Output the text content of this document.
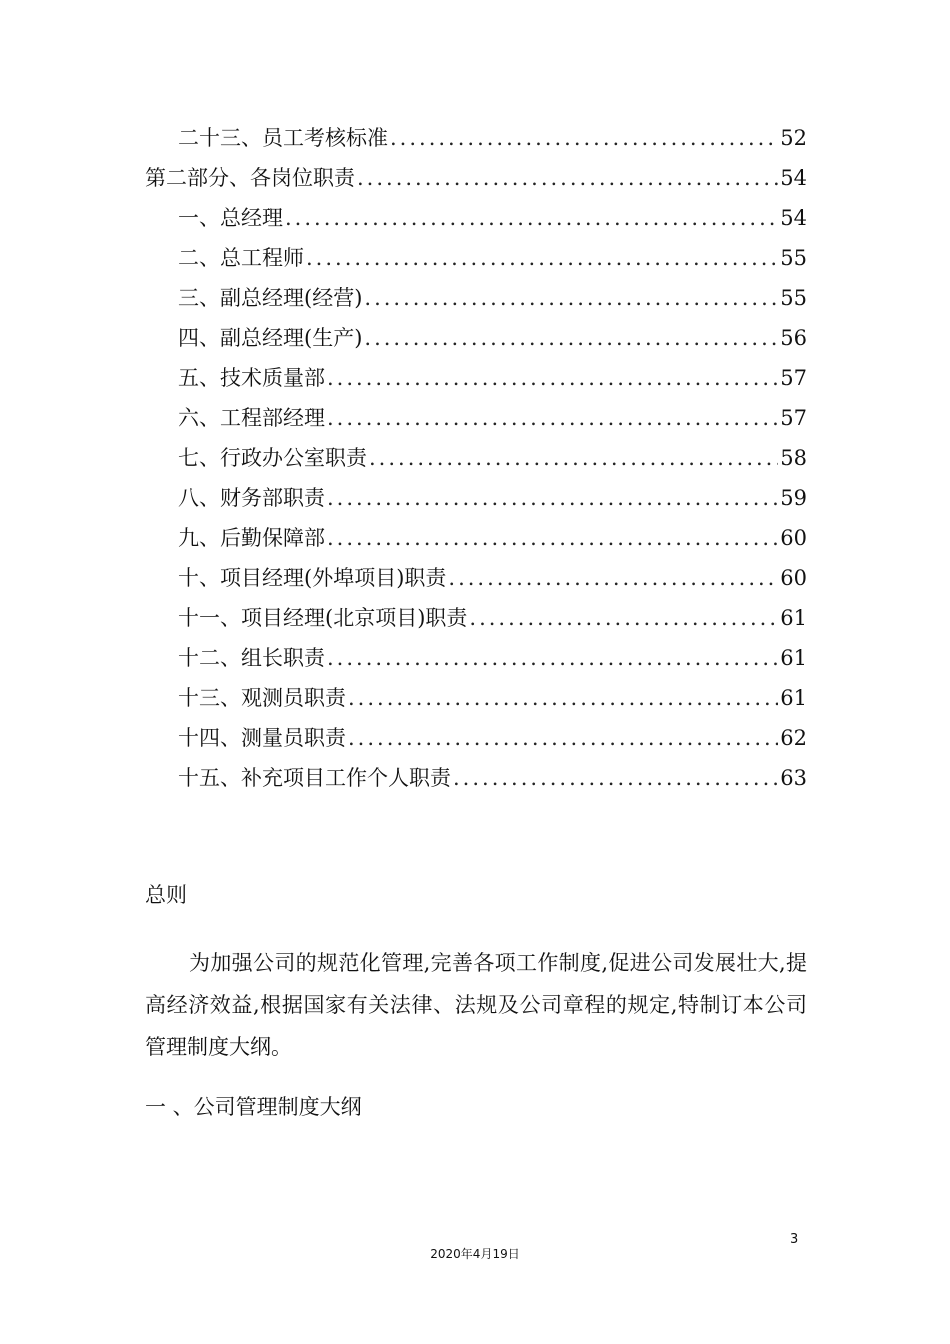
二十三、员工考核标准 .....	52
第二部分、各岗位职责 .....	54
一、总经理 .....	54
二、总工程师 .....	55
三、副总经理(经营) .....	55
四、副总经理(生产) .....	56
五、技术质量部 .....	57
六、工程部经理 .....	57
七、行政办公室职责 .....	58
八、财务部职责 .....	59
九、后勤保障部 .....	60
十、项目经理(外埠项目)职责 .....	60
十一、项目经理(北京项目)职责 .....	61
十二、组长职责 .....	61
十三、观测员职责 .....	61
十四、测量员职责 .....	62
十五、补充项目工作个人职责 .....	63
总则

为加强公司的规范化管理,完善各项工作制度,促进公司发展壮大,提高经济效益,根据国家有关法律、法规及公司章程的规定,特制订本公司管理制度大纲。

一 、公司管理制度大纲
3
2020年4月19日
